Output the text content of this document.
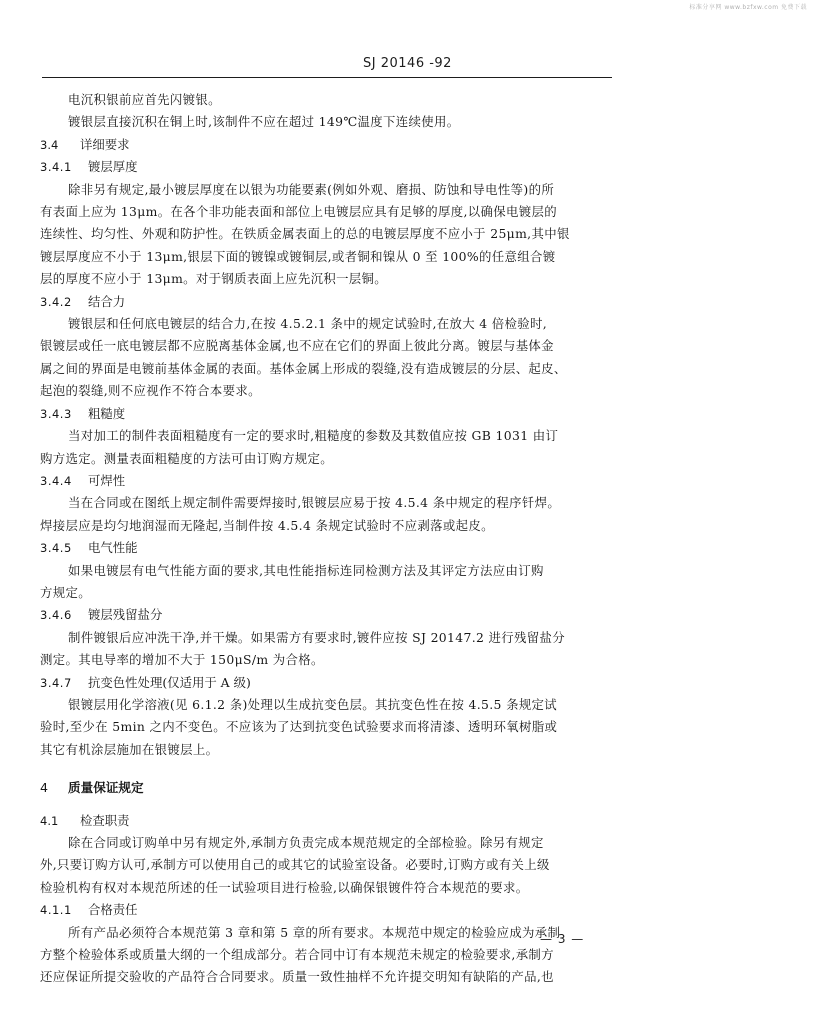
标准分享网 www.bzfxw.com 免费下载
SJ 20146 -92

电沉积银前应首先闪镀银。

镀银层直接沉积在铜上时,该制件不应在超过 149℃温度下连续使用。

3.4 详细要求

3.4.1 镀层厚度

除非另有规定,最小镀层厚度在以银为功能要素(例如外观、磨损、防蚀和导电性等)的所

有表面上应为 13μm。在各个非功能表面和部位上电镀层应具有足够的厚度,以确保电镀层的

连续性、均匀性、外观和防护性。在铁质金属表面上的总的电镀层厚度不应小于 25μm,其中银

镀层厚度应不小于 13μm,银层下面的镀镍或镀铜层,或者铜和镍从 0 至 100%的任意组合镀

层的厚度不应小于 13μm。对于钢质表面上应先沉积一层铜。

3.4.2 结合力

镀银层和任何底电镀层的结合力,在按 4.5.2.1 条中的规定试验时,在放大 4 倍检验时,

银镀层或任一底电镀层都不应脱离基体金属,也不应在它们的界面上彼此分离。镀层与基体金

属之间的界面是电镀前基体金属的表面。基体金属上形成的裂缝,没有造成镀层的分层、起皮、

起泡的裂缝,则不应视作不符合本要求。

3.4.3 粗糙度

当对加工的制件表面粗糙度有一定的要求时,粗糙度的参数及其数值应按 GB 1031 由订

购方选定。测量表面粗糙度的方法可由订购方规定。

3.4.4 可焊性

当在合同或在图纸上规定制件需要焊接时,银镀层应易于按 4.5.4 条中规定的程序钎焊。

焊接层应是均匀地润湿而无隆起,当制件按 4.5.4 条规定试验时不应剥落或起皮。

3.4.5 电气性能

如果电镀层有电气性能方面的要求,其电性能指标连同检测方法及其评定方法应由订购

方规定。

3.4.6 镀层残留盐分

制件镀银后应冲洗干净,并干燥。如果需方有要求时,镀件应按 SJ 20147.2 进行残留盐分

测定。其电导率的增加不大于 150μS/m 为合格。

3.4.7 抗变色性处理(仅适用于 A 级)

银镀层用化学溶液(见 6.1.2 条)处理以生成抗变色层。其抗变色性在按 4.5.5 条规定试

验时,至少在 5min 之内不变色。不应该为了达到抗变色试验要求而将清漆、透明环氧树脂或

其它有机涂层施加在银镀层上。

4 质量保证规定

4.1 检查职责

除在合同或订购单中另有规定外,承制方负责完成本规范规定的全部检验。除另有规定

外,只要订购方认可,承制方可以使用自己的或其它的试验室设备。必要时,订购方或有关上级

检验机构有权对本规范所述的任一试验项目进行检验,以确保银镀件符合本规范的要求。

4.1.1 合格责任

所有产品必须符合本规范第 3 章和第 5 章的所有要求。本规范中规定的检验应成为承制

方整个检验体系或质量大纲的一个组成部分。若合同中订有本规范未规定的检验要求,承制方

还应保证所提交验收的产品符合合同要求。质量一致性抽样不允许提交明知有缺陷的产品,也

— 3 —
